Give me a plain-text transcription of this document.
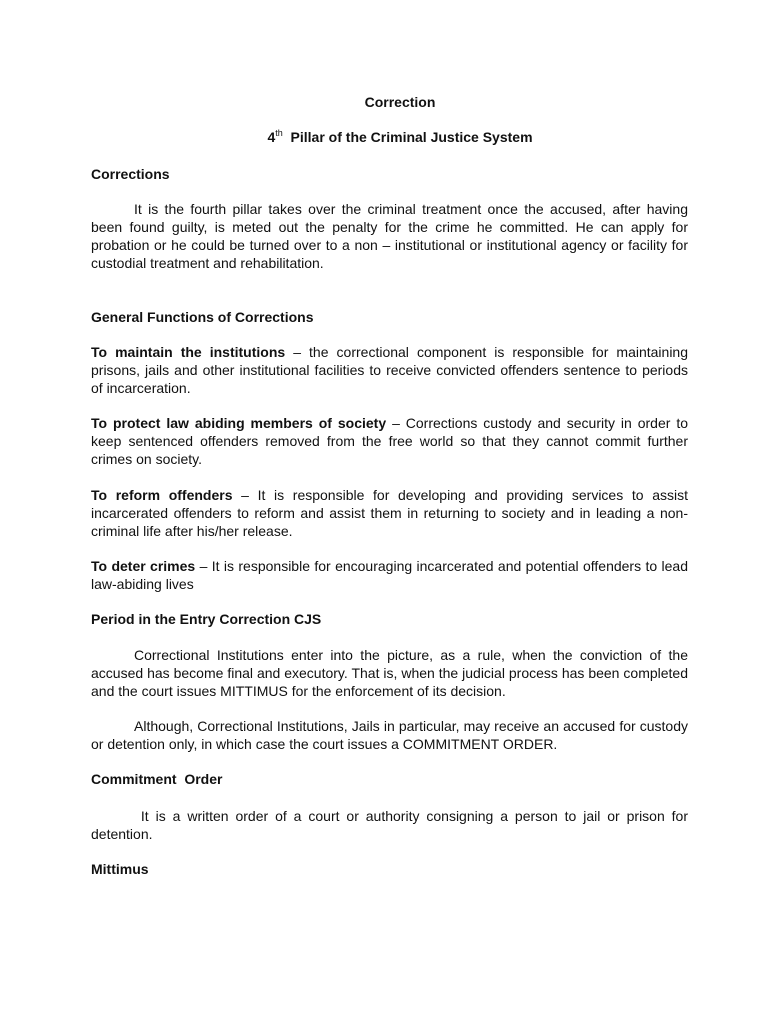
Correction
4th  Pillar of the Criminal Justice System
Corrections
It is the fourth pillar takes over the criminal treatment once the accused, after having been found guilty, is meted out the penalty for the crime he committed. He can apply for probation or he could be turned over to a non – institutional or institutional agency or facility for custodial treatment and rehabilitation.
General Functions of Corrections
To maintain the institutions – the correctional component is responsible for maintaining prisons, jails and other institutional facilities to receive convicted offenders sentence to periods of incarceration.
To protect law abiding members of society – Corrections custody and security in order to keep sentenced offenders removed from the free world so that they cannot commit further crimes on society.
To reform offenders – It is responsible for developing and providing services to assist incarcerated offenders to reform and assist them in returning to society and in leading a non-criminal life after his/her release.
To deter crimes – It is responsible for encouraging incarcerated and potential offenders to lead law-abiding lives
Period in the Entry Correction CJS
Correctional Institutions enter into the picture, as a rule, when the conviction of the accused has become final and executory. That is, when the judicial process has been completed and the court issues MITTIMUS for the enforcement of its decision.
Although, Correctional Institutions, Jails in particular, may receive an accused for custody or detention only, in which case the court issues a COMMITMENT ORDER.
Commitment  Order
It is a written order of a court or authority consigning a person to jail or prison for detention.
Mittimus
